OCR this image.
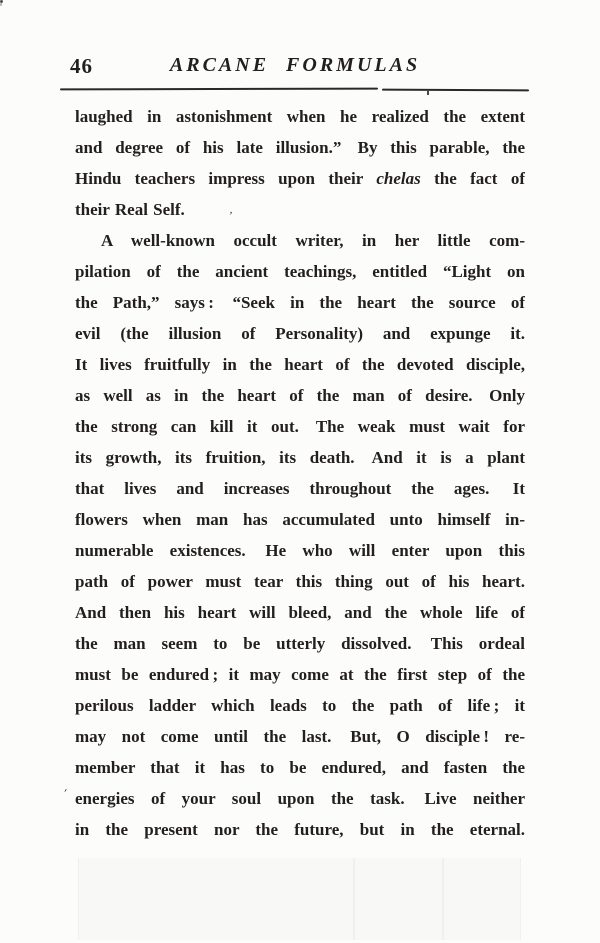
46	ARCANE FORMULAS
laughed in astonishment when he realized the extent
and degree of his late illusion.”  By this parable, the
Hindu teachers impress upon their chelas the fact of
their Real Self.
A well-known occult writer, in her little com-
pilation of the ancient teachings, entitled “Light on
the Path,” says :  “Seek in the heart the source of
evil (the illusion of Personality) and expunge it.
It lives fruitfully in the heart of the devoted disciple,
as well as in the heart of the man of desire.  Only
the strong can kill it out.  The weak must wait for
its growth, its fruition, its death.  And it is a plant
that lives and increases throughout the ages.  It
flowers when man has accumulated unto himself in-
numerable existences.  He who will enter upon this
path of power must tear this thing out of his heart.
And then his heart will bleed, and the whole life of
the man seem to be utterly dissolved.  This ordeal
must be endured ; it may come at the first step of the
perilous ladder which leads to the path of life ; it
may not come until the last.  But, O disciple ! re-
member that it has to be endured, and fasten the
energies of your soul upon the task.  Live neither
in the present nor the future, but in the eternal.
,
´
